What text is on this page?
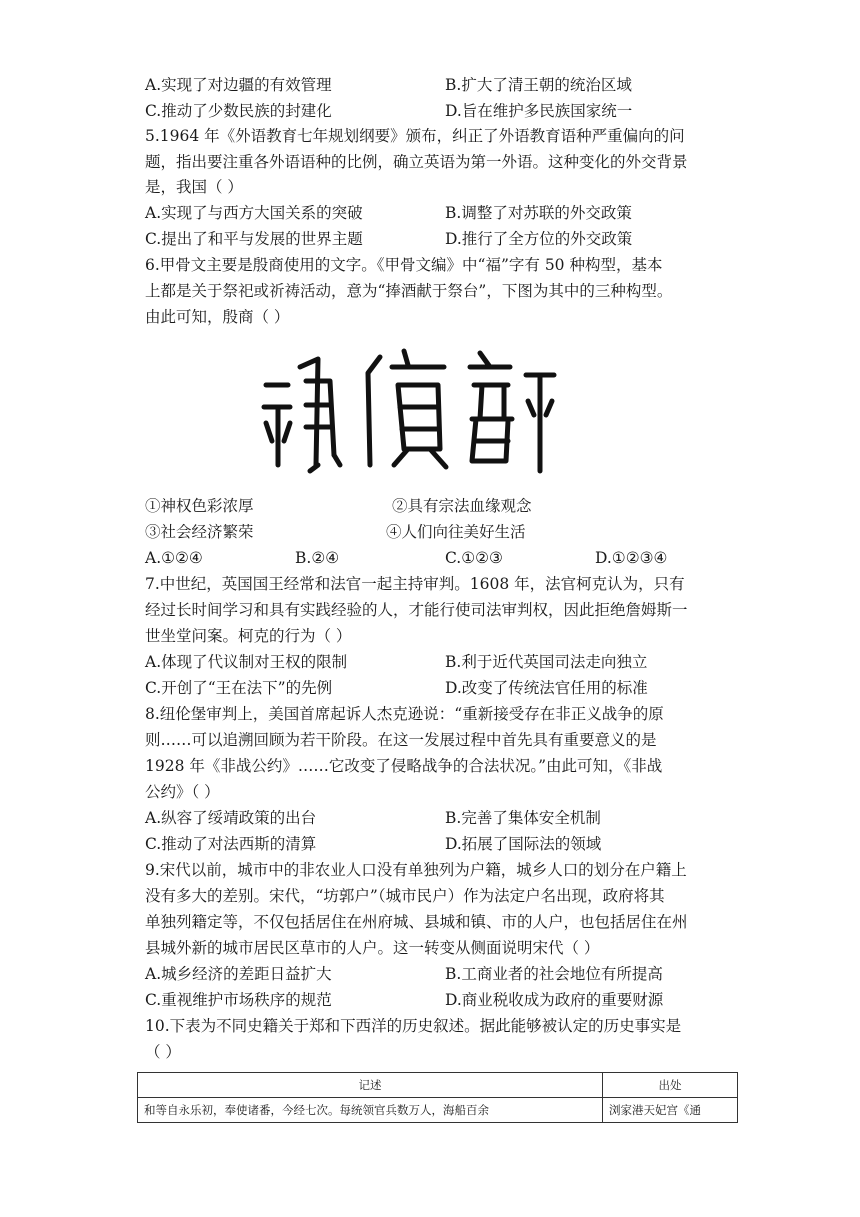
A.实现了对边疆的有效管理	B.扩大了清王朝的统治区域
C.推动了少数民族的封建化	D.旨在维护多民族国家统一
5.1964 年《外语教育七年规划纲要》颁布，纠正了外语教育语种严重偏向的问
题，指出要注重各外语语种的比例，确立英语为第一外语。这种变化的外交背景
是，我国（ ）
A.实现了与西方大国关系的突破	B.调整了对苏联的外交政策
C.提出了和平与发展的世界主题	D.推行了全方位的外交政策
6.甲骨文主要是殷商使用的文字。《甲骨文编》中“福”字有 50 种构型，基本
上都是关于祭祀或祈祷活动，意为“捧酒献于祭台”，下图为其中的三种构型。
由此可知，殷商（ ）
①神权色彩浓厚	②具有宗法血缘观念
③社会经济繁荣	④人们向往美好生活
A.①②④	B.②④	C.①②③	D.①②③④
7.中世纪，英国国王经常和法官一起主持审判。1608 年，法官柯克认为，只有
经过长时间学习和具有实践经验的人，才能行使司法审判权，因此拒绝詹姆斯一
世坐堂问案。柯克的行为（ ）
A.体现了代议制对王权的限制	B.利于近代英国司法走向独立
C.开创了“王在法下”的先例	D.改变了传统法官任用的标准
8.纽伦堡审判上，美国首席起诉人杰克逊说：“重新接受存在非正义战争的原
则……可以追溯回顾为若干阶段。在这一发展过程中首先具有重要意义的是
1928 年《非战公约》……它改变了侵略战争的合法状况。”由此可知，《非战
公约》（ ）
A.纵容了绥靖政策的出台	B.完善了集体安全机制
C.推动了对法西斯的清算	D.拓展了国际法的领域
9.宋代以前，城市中的非农业人口没有单独列为户籍，城乡人口的划分在户籍上
没有多大的差别。宋代，“坊郭户”（城市民户）作为法定户名出现，政府将其
单独列籍定等，不仅包括居住在州府城、县城和镇、市的人户，也包括居住在州
县城外新的城市居民区草市的人户。这一转变从侧面说明宋代（ ）
A.城乡经济的差距日益扩大	B.工商业者的社会地位有所提高
C.重视维护市场秩序的规范	D.商业税收成为政府的重要财源
10.下表为不同史籍关于郑和下西洋的历史叙述。据此能够被认定的历史事实是
（ ）
记述	出处
和等自永乐初，奉使诸番，今经七次。每统领官兵数万人，海船百余	浏家港天妃宫《通
